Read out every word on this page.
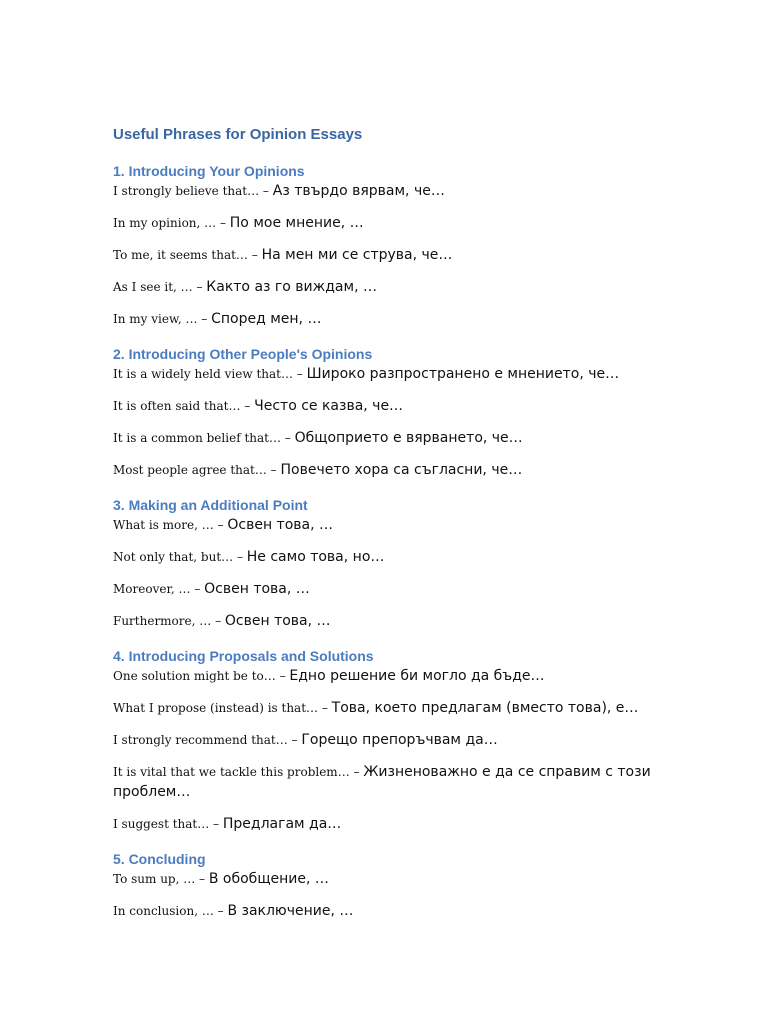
Useful Phrases for Opinion Essays
1. Introducing Your Opinions

I strongly believe that… – Аз твърдо вярвам, че…

In my opinion, … – По мое мнение, …

To me, it seems that… – На мен ми се струва, че…

As I see it, … – Както аз го виждам, …

In my view, … – Според мен, …

2. Introducing Other People's Opinions

It is a widely held view that… – Широко разпространено е мнението, че…

It is often said that… – Често се казва, че…

It is a common belief that… – Общоприето е вярването, че…

Most people agree that… – Повечето хора са съгласни, че…

3. Making an Additional Point

What is more, … – Освен това, …

Not only that, but… – Не само това, но…

Moreover, … – Освен това, …

Furthermore, … – Освен това, …

4. Introducing Proposals and Solutions

One solution might be to… – Едно решение би могло да бъде…

What I propose (instead) is that… – Това, което предлагам (вместо това), е…

I strongly recommend that… – Горещо препоръчвам да…

It is vital that we tackle this problem… – Жизненоважно е да се справим с този проблем…

I suggest that… – Предлагам да…

5. Concluding

To sum up, … – В обобщение, …

In conclusion, … – В заключение, …
